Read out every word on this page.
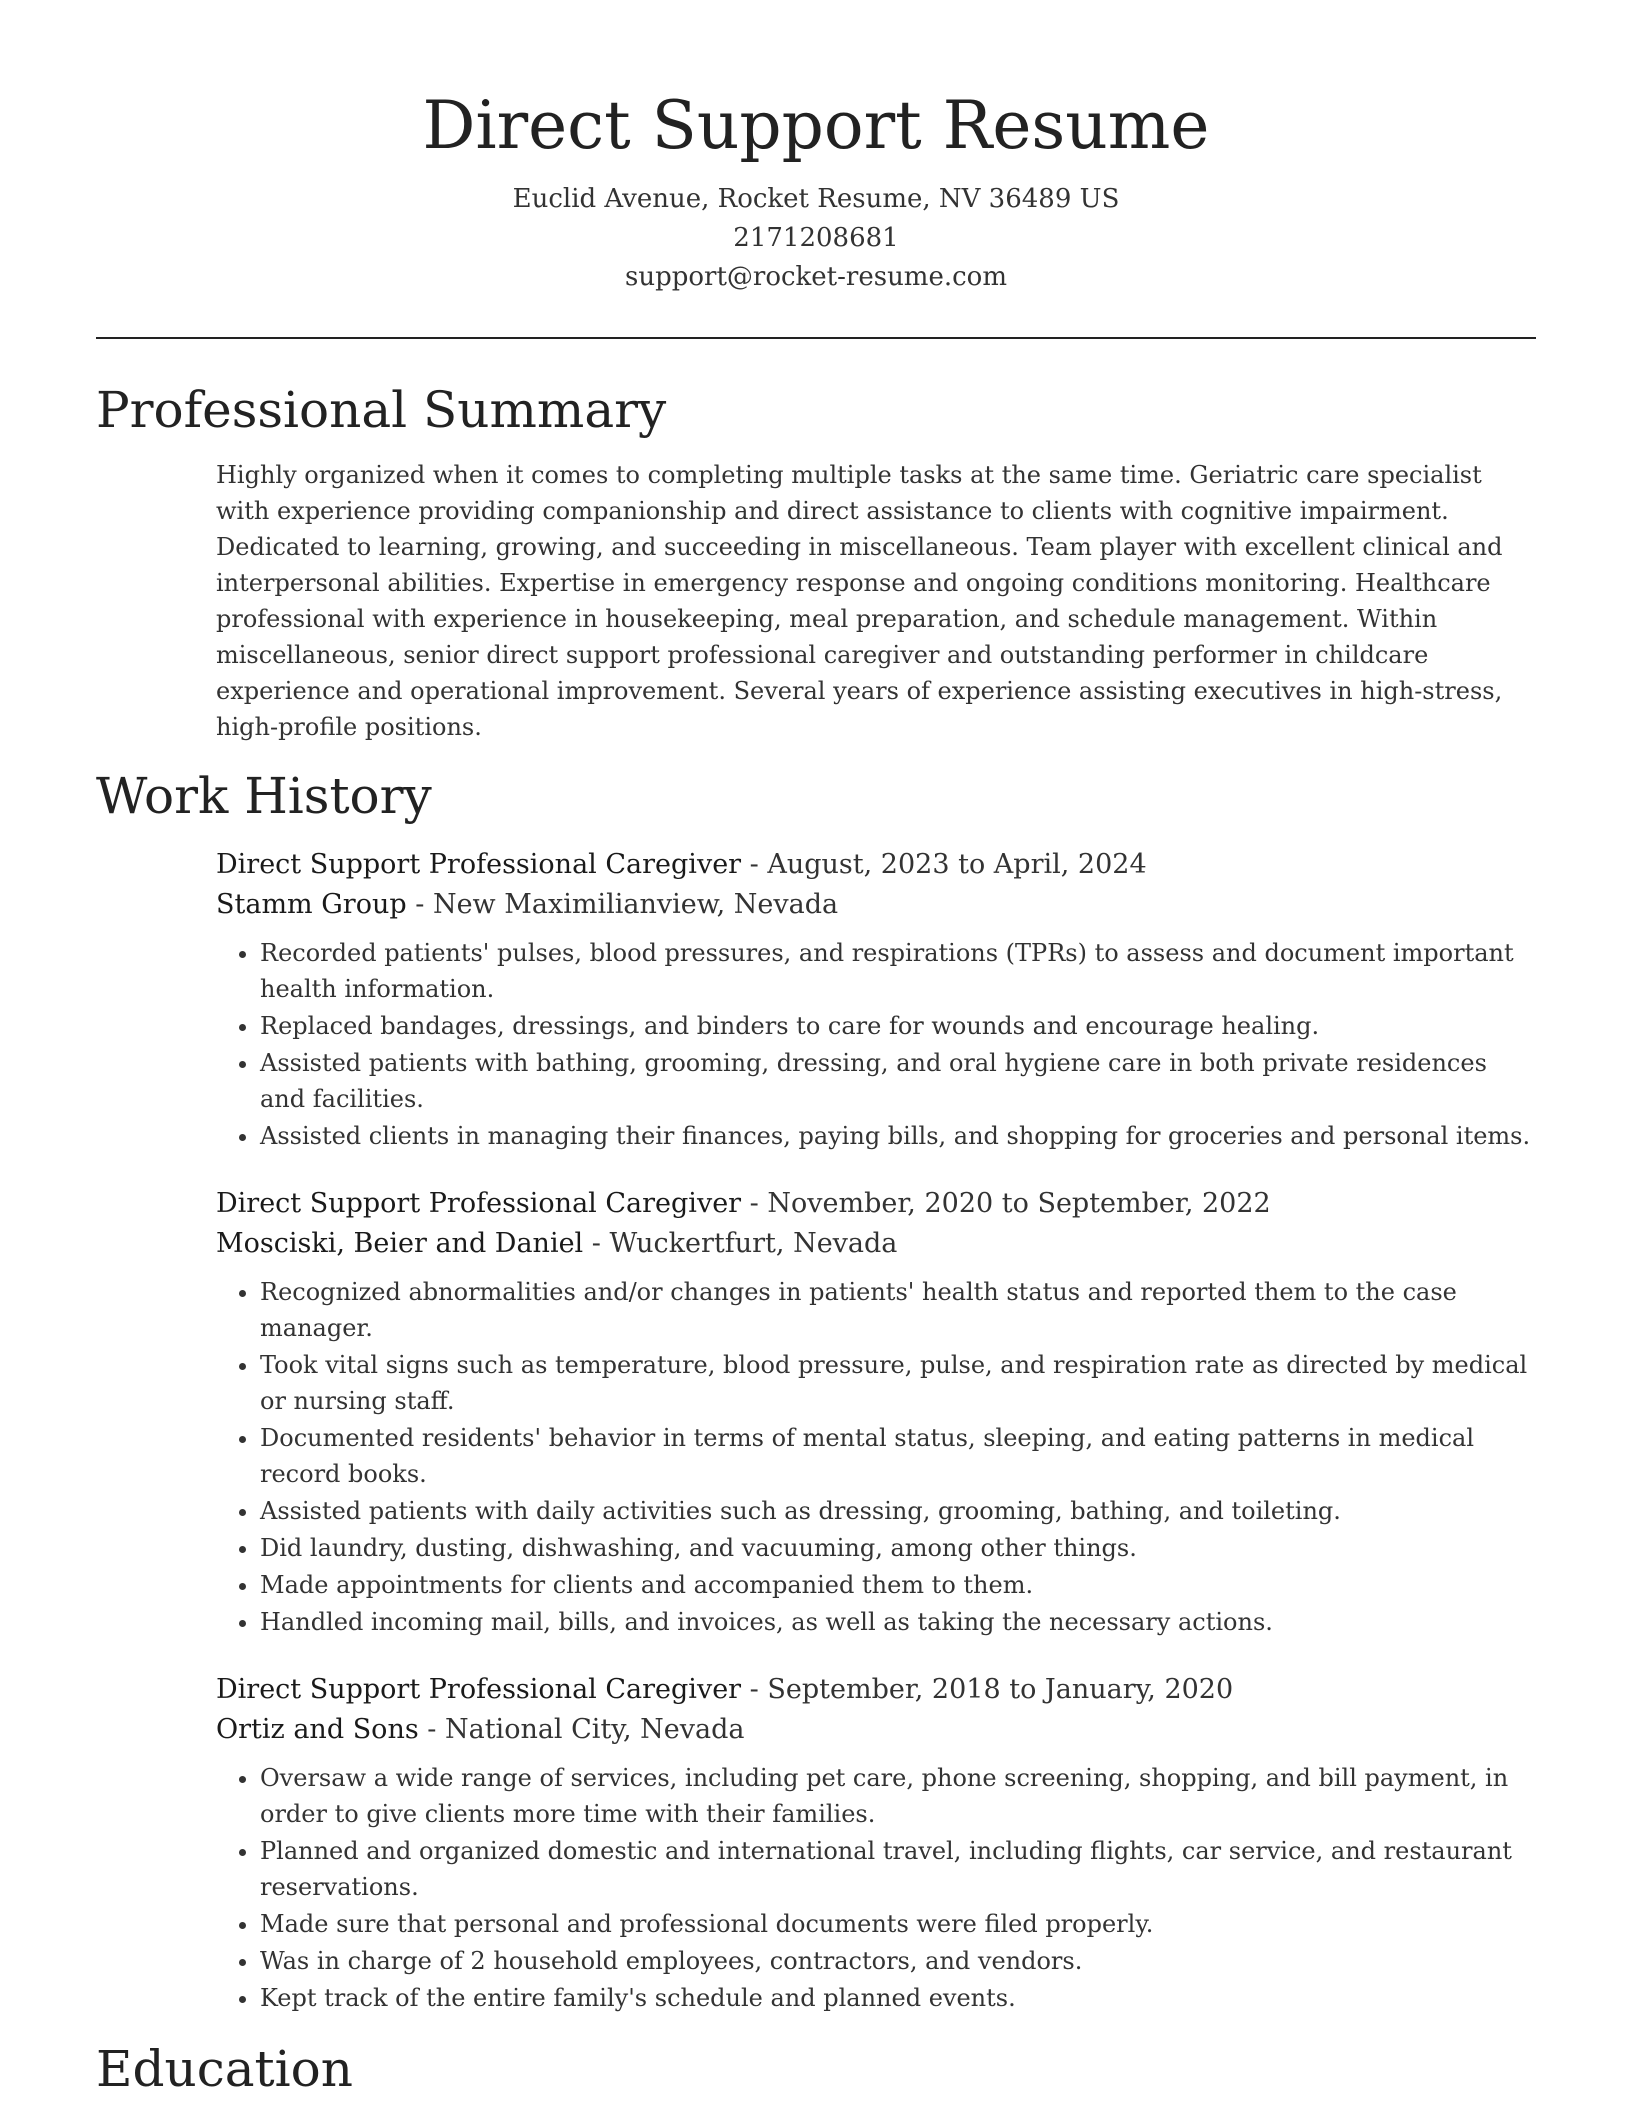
Direct Support Resume
Euclid Avenue, Rocket Resume, NV 36489 US
2171208681
support@rocket-resume.com
Professional Summary

Highly organized when it comes to completing multiple tasks at the same time. Geriatric care specialist with experience providing companionship and direct assistance to clients with cognitive impairment. Dedicated to learning, growing, and succeeding in miscellaneous. Team player with excellent clinical and interpersonal abilities. Expertise in emergency response and ongoing conditions monitoring. Healthcare professional with experience in housekeeping, meal preparation, and schedule management. Within miscellaneous, senior direct support professional caregiver and outstanding performer in childcare experience and operational improvement. Several years of experience assisting executives in high-stress, high-profile positions.

Work History
Direct Support Professional Caregiver - August, 2023 to April, 2024
Stamm Group - New Maximilianview, Nevada
• Recorded patients' pulses, blood pressures, and respirations (TPRs) to assess and document important health information.
• Replaced bandages, dressings, and binders to care for wounds and encourage healing.
• Assisted patients with bathing, grooming, dressing, and oral hygiene care in both private residences and facilities.
• Assisted clients in managing their finances, paying bills, and shopping for groceries and personal items.
Direct Support Professional Caregiver - November, 2020 to September, 2022
Mosciski, Beier and Daniel - Wuckertfurt, Nevada
• Recognized abnormalities and/or changes in patients' health status and reported them to the case manager.
• Took vital signs such as temperature, blood pressure, pulse, and respiration rate as directed by medical or nursing staff.
• Documented residents' behavior in terms of mental status, sleeping, and eating patterns in medical record books.
• Assisted patients with daily activities such as dressing, grooming, bathing, and toileting.
• Did laundry, dusting, dishwashing, and vacuuming, among other things.
• Made appointments for clients and accompanied them to them.
• Handled incoming mail, bills, and invoices, as well as taking the necessary actions.
Direct Support Professional Caregiver - September, 2018 to January, 2020
Ortiz and Sons - National City, Nevada
• Oversaw a wide range of services, including pet care, phone screening, shopping, and bill payment, in order to give clients more time with their families.
• Planned and organized domestic and international travel, including flights, car service, and restaurant reservations.
• Made sure that personal and professional documents were filed properly.
• Was in charge of 2 household employees, contractors, and vendors.
• Kept track of the entire family's schedule and planned events.
Education
